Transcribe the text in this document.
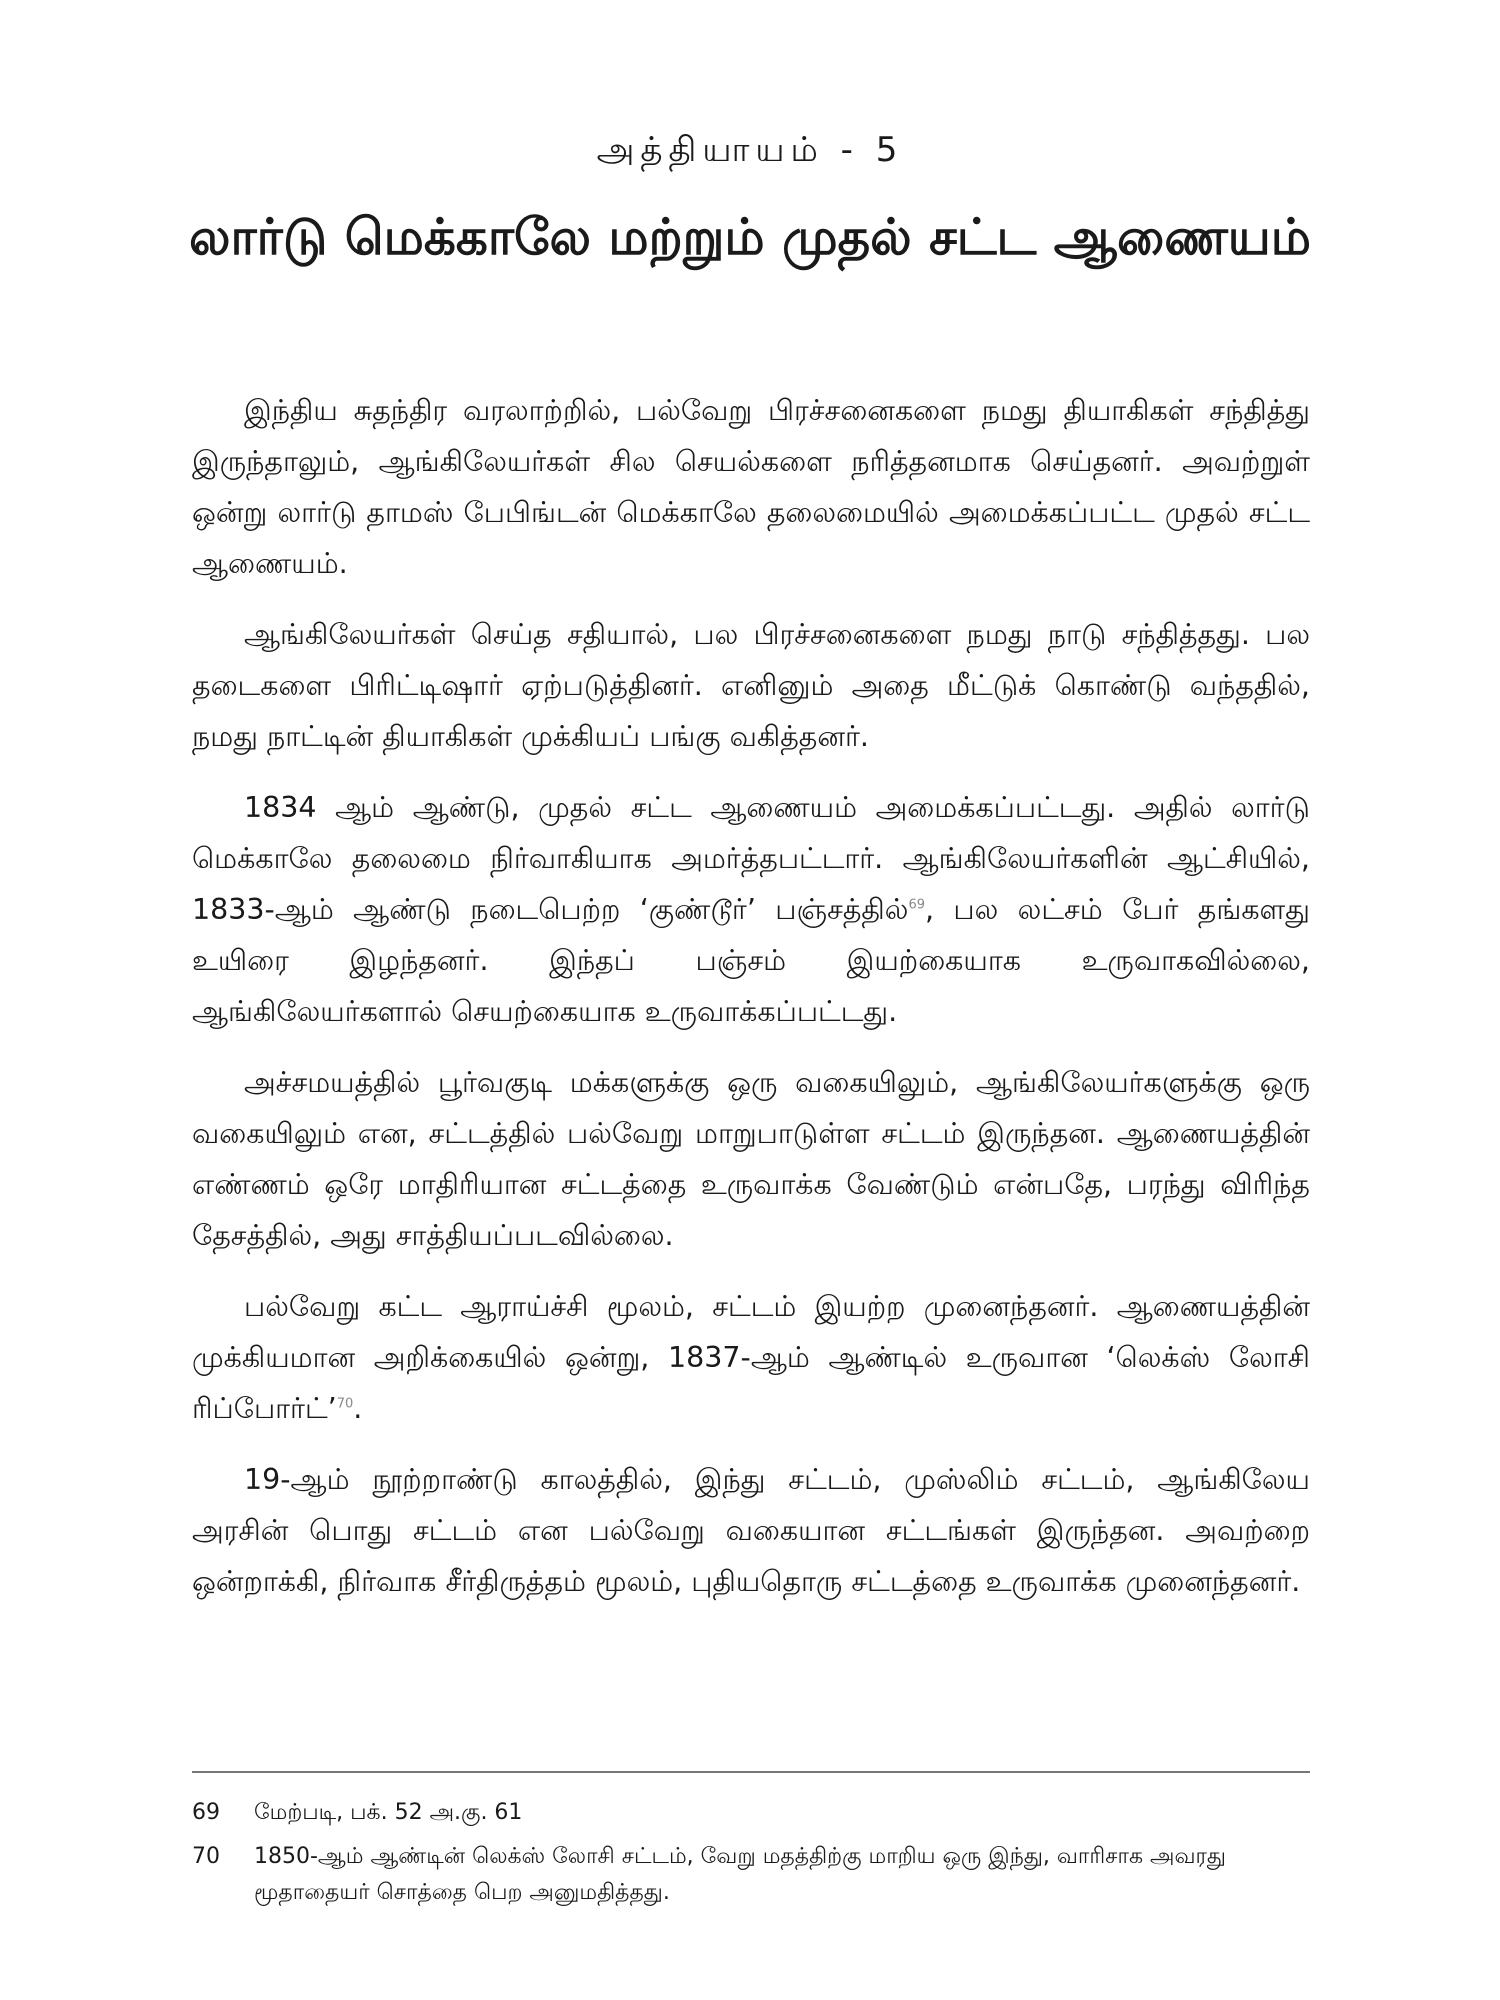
அத்தியாயம் - 5
லார்டு மெக்காலே மற்றும் முதல் சட்ட ஆணையம்

இந்திய சுதந்திர வரலாற்றில், பல்வேறு பிரச்சனைகளை நமது தியாகிகள் சந்தித்து இருந்தாலும், ஆங்கிலேயர்கள் சில செயல்களை நரித்தனமாக செய்தனர். அவற்றுள் ஒன்று லார்டு தாமஸ் பேபிங்டன் மெக்காலே தலைமையில் அமைக்கப்பட்ட முதல் சட்ட ஆணையம்.

ஆங்கிலேயர்கள் செய்த சதியால், பல பிரச்சனைகளை நமது நாடு சந்தித்தது. பல தடைகளை பிரிட்டிஷார் ஏற்படுத்தினர். எனினும் அதை மீட்டுக் கொண்டு வந்ததில், நமது நாட்டின் தியாகிகள் முக்கியப் பங்கு வகித்தனர்.

1834 ஆம் ஆண்டு, முதல் சட்ட ஆணையம் அமைக்கப்பட்டது. அதில் லார்டு மெக்காலே தலைமை நிர்வாகியாக அமர்த்தபட்டார். ஆங்கிலேயர்களின் ஆட்சியில், 1833-ஆம் ஆண்டு நடைபெற்ற ‘குண்டூர்’ பஞ்சத்தில்$^{69}$, பல லட்சம் பேர் தங்களது உயிரை இழந்தனர். இந்தப் பஞ்சம் இயற்கையாக உருவாகவில்லை, ஆங்கிலேயர்களால் செயற்கையாக உருவாக்கப்பட்டது.

அச்சமயத்தில் பூர்வகுடி மக்களுக்கு ஒரு வகையிலும், ஆங்கிலேயர்களுக்கு ஒரு வகையிலும் என, சட்டத்தில் பல்வேறு மாறுபாடுள்ள சட்டம் இருந்தன. ஆணையத்தின் எண்ணம் ஒரே மாதிரியான சட்டத்தை உருவாக்க வேண்டும் என்பதே, பரந்து விரிந்த தேசத்தில், அது சாத்தியப்படவில்லை.

பல்வேறு கட்ட ஆராய்ச்சி மூலம், சட்டம் இயற்ற முனைந்தனர். ஆணையத்தின் முக்கியமான அறிக்கையில் ஒன்று, 1837-ஆம் ஆண்டில் உருவான ‘லெக்ஸ் லோசி ரிப்போர்ட்’$^{70}$.

19-ஆம் நூற்றாண்டு காலத்தில், இந்து சட்டம், முஸ்லிம் சட்டம், ஆங்கிலேய அரசின் பொது சட்டம் என பல்வேறு வகையான சட்டங்கள் இருந்தன. அவற்றை ஒன்றாக்கி, நிர்வாக சீர்திருத்தம் மூலம், புதியதொரு சட்டத்தை உருவாக்க முனைந்தனர்.

69	மேற்படி, பக். 52 அ.கு. 61
70	1850-ஆம் ஆண்டின் லெக்ஸ் லோசி சட்டம், வேறு மதத்திற்கு மாறிய ஒரு இந்து, வாரிசாக அவரது மூதாதையர் சொத்தை பெற அனுமதித்தது.
